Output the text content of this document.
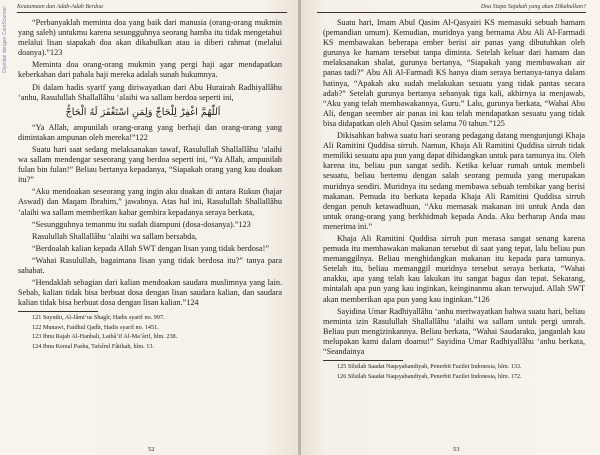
Dipindai dengan CamScanner	Keutamaan dan Adab-Adab Berdoa

“Perbanyaklah meminta doa yang baik dari manusia (orang-orang mukmin yang saleh) untukmu karena sesungguhnya seorang hamba itu tidak mengetahui melalui lisan siapakah doa akan dikabulkan atau ia diberi rahmat (melalui doanya).”123

Meminta doa orang-orang mukmin yang pergi haji agar mendapatkan keberkahan dari pahala haji mereka adalah sunah hukumnya.

Di dalam hadis syarif yang diriwayatkan dari Abu Hurairah Radhiyallâhu ‘anhu, Rasulullah Shallallâhu ‘alaihi wa sallam berdoa seperti ini,

اَللّٰهُمَّ اغْفِرْ لِلْحَاجِّ وَلِمَنِ اسْتَغْفَرَ لَهُ الْحَاجُّ

“Ya Allah, ampunilah orang-orang yang berhaji dan orang-orang yang dimintakan ampunan oleh mereka!”122

Suatu hari saat sedang melaksanakan tawaf, Rasulullah Shallallâhu ‘alaihi wa sallam mendengar seseorang yang berdoa seperti ini, “Ya Allah, ampunilah fulan bin fulan!” Beliau bertanya kepadanya, “Siapakah orang yang kau doakan itu?”

“Aku mendoakan seseorang yang ingin aku doakan di antara Rukun (hajar Aswad) dan Maqam Ibrahim,” jawabnya. Atas hal ini, Rasulullah Shallallâhu ‘alaihi wa sallam memberikan kabar gembira kepadanya seraya berkata,

“Sesungguhnya temanmu itu sudah diampuni (dosa-dosanya).”123

Rasulullah Shallallâhu ‘alaihi wa sallam bersabda,

“Berdoalah kalian kepada Allah SWT dengan lisan yang tidak berdosa!”

“Wahai Rasulullah, bagaimana lisan yang tidak berdosa itu?” tanya para sahabat.

“Hendaklah sebagian dari kalian mendoakan saudara muslimnya yang lain. Sebab, kalian tidak bisa berbuat dosa dengan lisan saudara kalian, dan saudara kalian tidak bisa berbuat dosa dengan lisan kalian.”124

121 Suyuthi, Al-Jâmi‘us Shagîr, Hadis syarif no. 997.

122 Munawi, Faidhul Qadîr, Hadis syarif no. 1451.

123 Ibnu Rajab Al-Hanbali, Lathâ’if Al-Ma’ârif, hlm. 238.

124 Ibnu Kemal Pasha, Tafsîrul Fâtihah, hlm. 13.

52
Doa Siapa Sajakah yang akan Dikabulkan?

Suatu hari, Imam Abul Qasim Al-Qasyairi KS memasuki sebuah hamam (pemandian umum). Kemudian, muridnya yang bernama Abu Ali Al-Farmadi KS membawakan beberapa ember berisi air panas yang dibutuhkan oleh gurunya ke hamam tersebut tanpa diminta. Setelah keluar dari hamam dan melaksanakan shalat, gurunya bertanya, “Siapakah yang membawakan air panas tadi?” Abu Ali Al-Farmadi KS hanya diam seraya bertanya-tanya dalam hatinya, “Apakah aku sudah melakukan sesuatu yang tidak pantas secara adab?” Setelah gurunya bertanya sebanyak tiga kali, akhirnya ia menjawab, “Aku yang telah membawakannya, Guru.” Lalu, gurunya berkata, “Wahai Abu Ali, dengan seember air panas ini kau telah mendapatkan sesuatu yang tidak bisa didapatkan oleh Abul Qasim selama 70 tahun.”125

Dikisahkan bahwa suatu hari seorang pedagang datang mengunjungi Khaja Ali Ramitini Quddisa sirruh. Namun, Khaja Ali Ramitini Quddisa sirruh tidak memiliki sesuatu apa pun yang dapat dihidangkan untuk para tamunya itu. Oleh karena itu, beliau pun sangat sedih. Ketika keluar rumah untuk membeli sesuatu, beliau bertemu dengan salah seorang pemuda yang merupakan muridnya sendiri. Muridnya itu sedang membawa sebuah tembikar yang berisi makanan. Pemuda itu berkata kepada Khaja Ali Ramitini Quddisa sirruh dengan penuh ketawadhuan, “Aku memasak makanan ini untuk Anda dan untuk orang-orang yang berkhidmah kepada Anda. Aku berharap Anda mau menerima ini.”

Khaja Ali Ramitini Quddisa sirruh pun merasa sangat senang karena pemuda itu membawakan makanan tersebut di saat yang tepat, lalu beliau pun memanggilnya. Beliau menghidangkan makanan itu kepada para tamunya. Setelah itu, beliau memanggil muridnya tersebut seraya berkata, “Wahai anakku, apa yang telah kau lakukan itu sangat bagus dan tepat. Sekarang, mintalah apa pun yang kau inginkan, keinginanmu akan terwujud. Allah SWT akan memberikan apa pun yang kau inginkan.”126

Sayidina Umar Radhiyallâhu ‘anhu meriwayatkan bahwa suatu hari, beliau meminta izin Rasulullah Shallallâhu ‘alaihi wa sallam untuk pergi umrah. Beliau pun mengizinkannya. Beliau berkata, “Wahai Saudaraku, janganlah kau melupakan kami dalam doamu!” Sayidina Umar Radhiyallâhu ‘anhu berkata, “Seandainya

125 Silsilah Saadat Naqsyabandiyah, Penerbit Fazilet Indonesia, hlm. 133.

126 Silsilah Saadat Naqsyabandiyah, Penerbit Fazilet Indonesia, hlm. 172.

53
